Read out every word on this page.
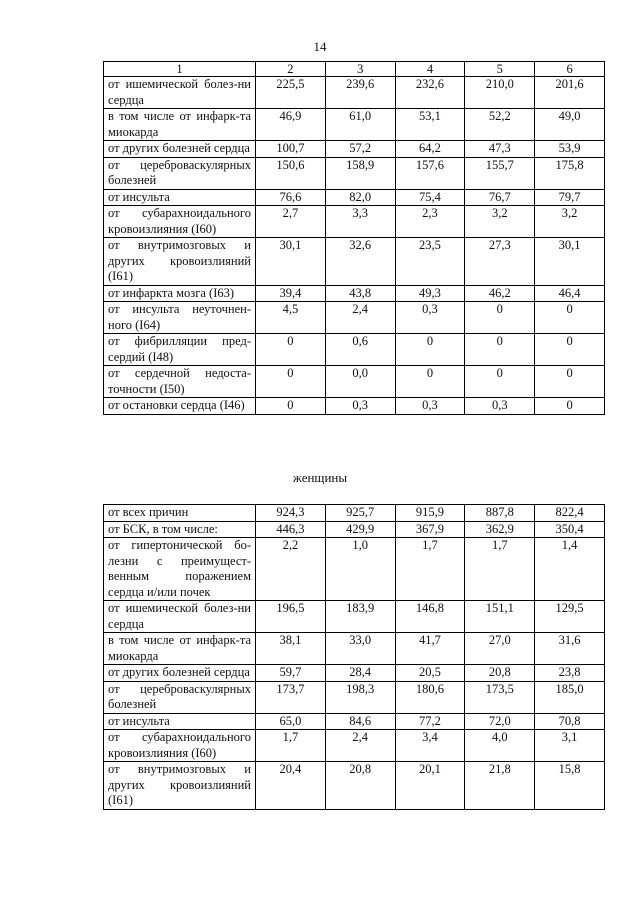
14
1	2	3	4	5	6
от ишемической болез-ни сердца	225,5	239,6	232,6	210,0	201,6
в том числе от инфарк-та миокарда	46,9	61,0	53,1	52,2	49,0
от других болезней сердца	100,7	57,2	64,2	47,3	53,9
от цереброваскулярных болезней	150,6	158,9	157,6	155,7	175,8
от инсульта	76,6	82,0	75,4	76,7	79,7
от субарахноидального кровоизлияния (I60)	2,7	3,3	2,3	3,2	3,2
от внутримозговых и других кровоизлияний (I61)	30,1	32,6	23,5	27,3	30,1
от инфаркта мозга (I63)	39,4	43,8	49,3	46,2	46,4
от инсульта неуточнен-ного (I64)	4,5	2,4	0,3	0	0
от фибрилляции пред-сердий (I48)	0	0,6	0	0	0
от сердечной недоста-точности (I50)	0	0,0	0	0	0
от остановки сердца (I46)	0	0,3	0,3	0,3	0
женщины
от всех причин	924,3	925,7	915,9	887,8	822,4
от БСК, в том числе:	446,3	429,9	367,9	362,9	350,4
от гипертонической бо-лезни с преимущест-венным поражением сердца и/или почек	2,2	1,0	1,7	1,7	1,4
от ишемической болез-ни сердца	196,5	183,9	146,8	151,1	129,5
в том числе от инфарк-та миокарда	38,1	33,0	41,7	27,0	31,6
от других болезней сердца	59,7	28,4	20,5	20,8	23,8
от цереброваскулярных болезней	173,7	198,3	180,6	173,5	185,0
от инсульта	65,0	84,6	77,2	72,0	70,8
от субарахноидального кровоизлияния (I60)	1,7	2,4	3,4	4,0	3,1
от внутримозговых и других кровоизлияний (I61)	20,4	20,8	20,1	21,8	15,8
